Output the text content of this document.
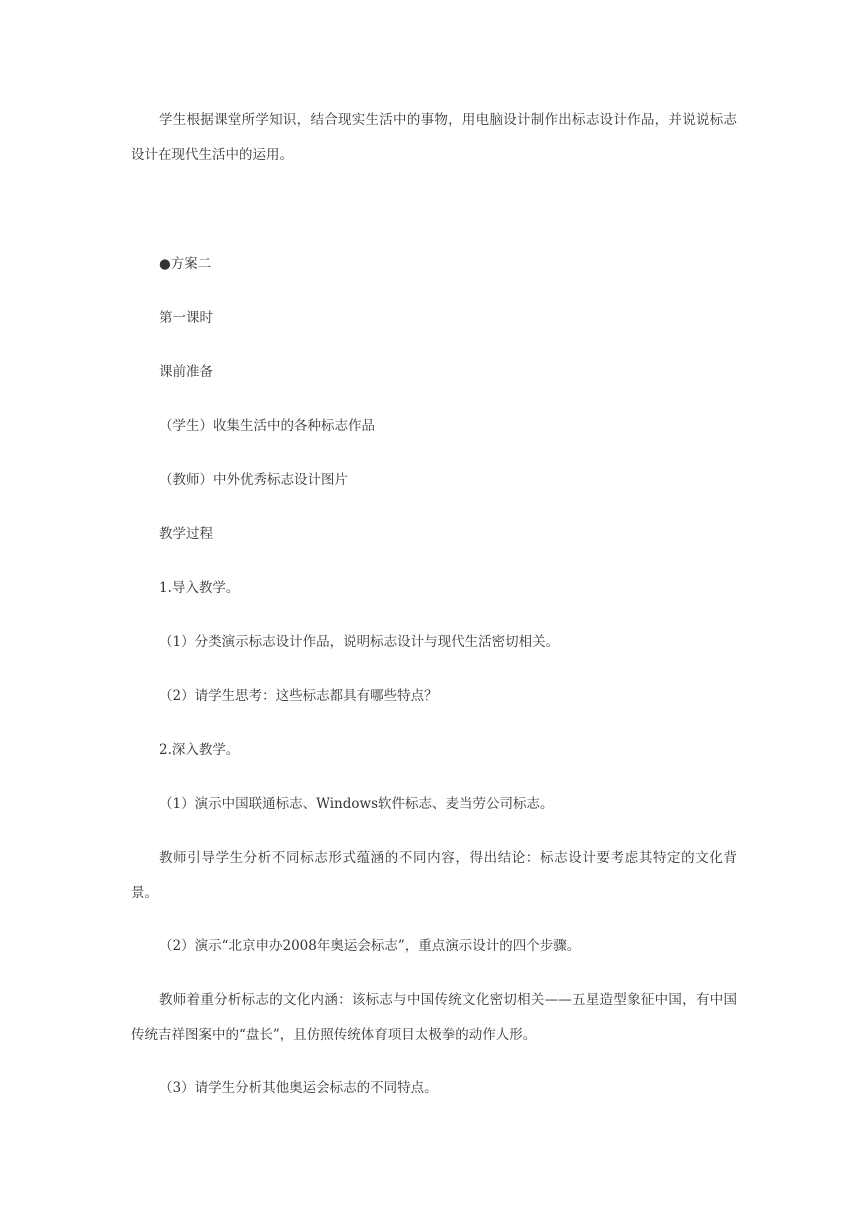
学生根据课堂所学知识，结合现实生活中的事物，用电脑设计制作出标志设计作品，并说说标志设计在现代生活中的运用。

●方案二

第一课时

课前准备

（学生）收集生活中的各种标志作品

（教师）中外优秀标志设计图片

教学过程

1.导入教学。

（1）分类演示标志设计作品，说明标志设计与现代生活密切相关。

（2）请学生思考：这些标志都具有哪些特点？

2.深入教学。

（1）演示中国联通标志、Windows软件标志、麦当劳公司标志。

教师引导学生分析不同标志形式蕴涵的不同内容，得出结论：标志设计要考虑其特定的文化背景。

（2）演示“北京申办2008年奥运会标志”，重点演示设计的四个步骤。

教师着重分析标志的文化内涵：该标志与中国传统文化密切相关——五星造型象征中国，有中国传统吉祥图案中的“盘长”，且仿照传统体育项目太极拳的动作人形。

（3）请学生分析其他奥运会标志的不同特点。
